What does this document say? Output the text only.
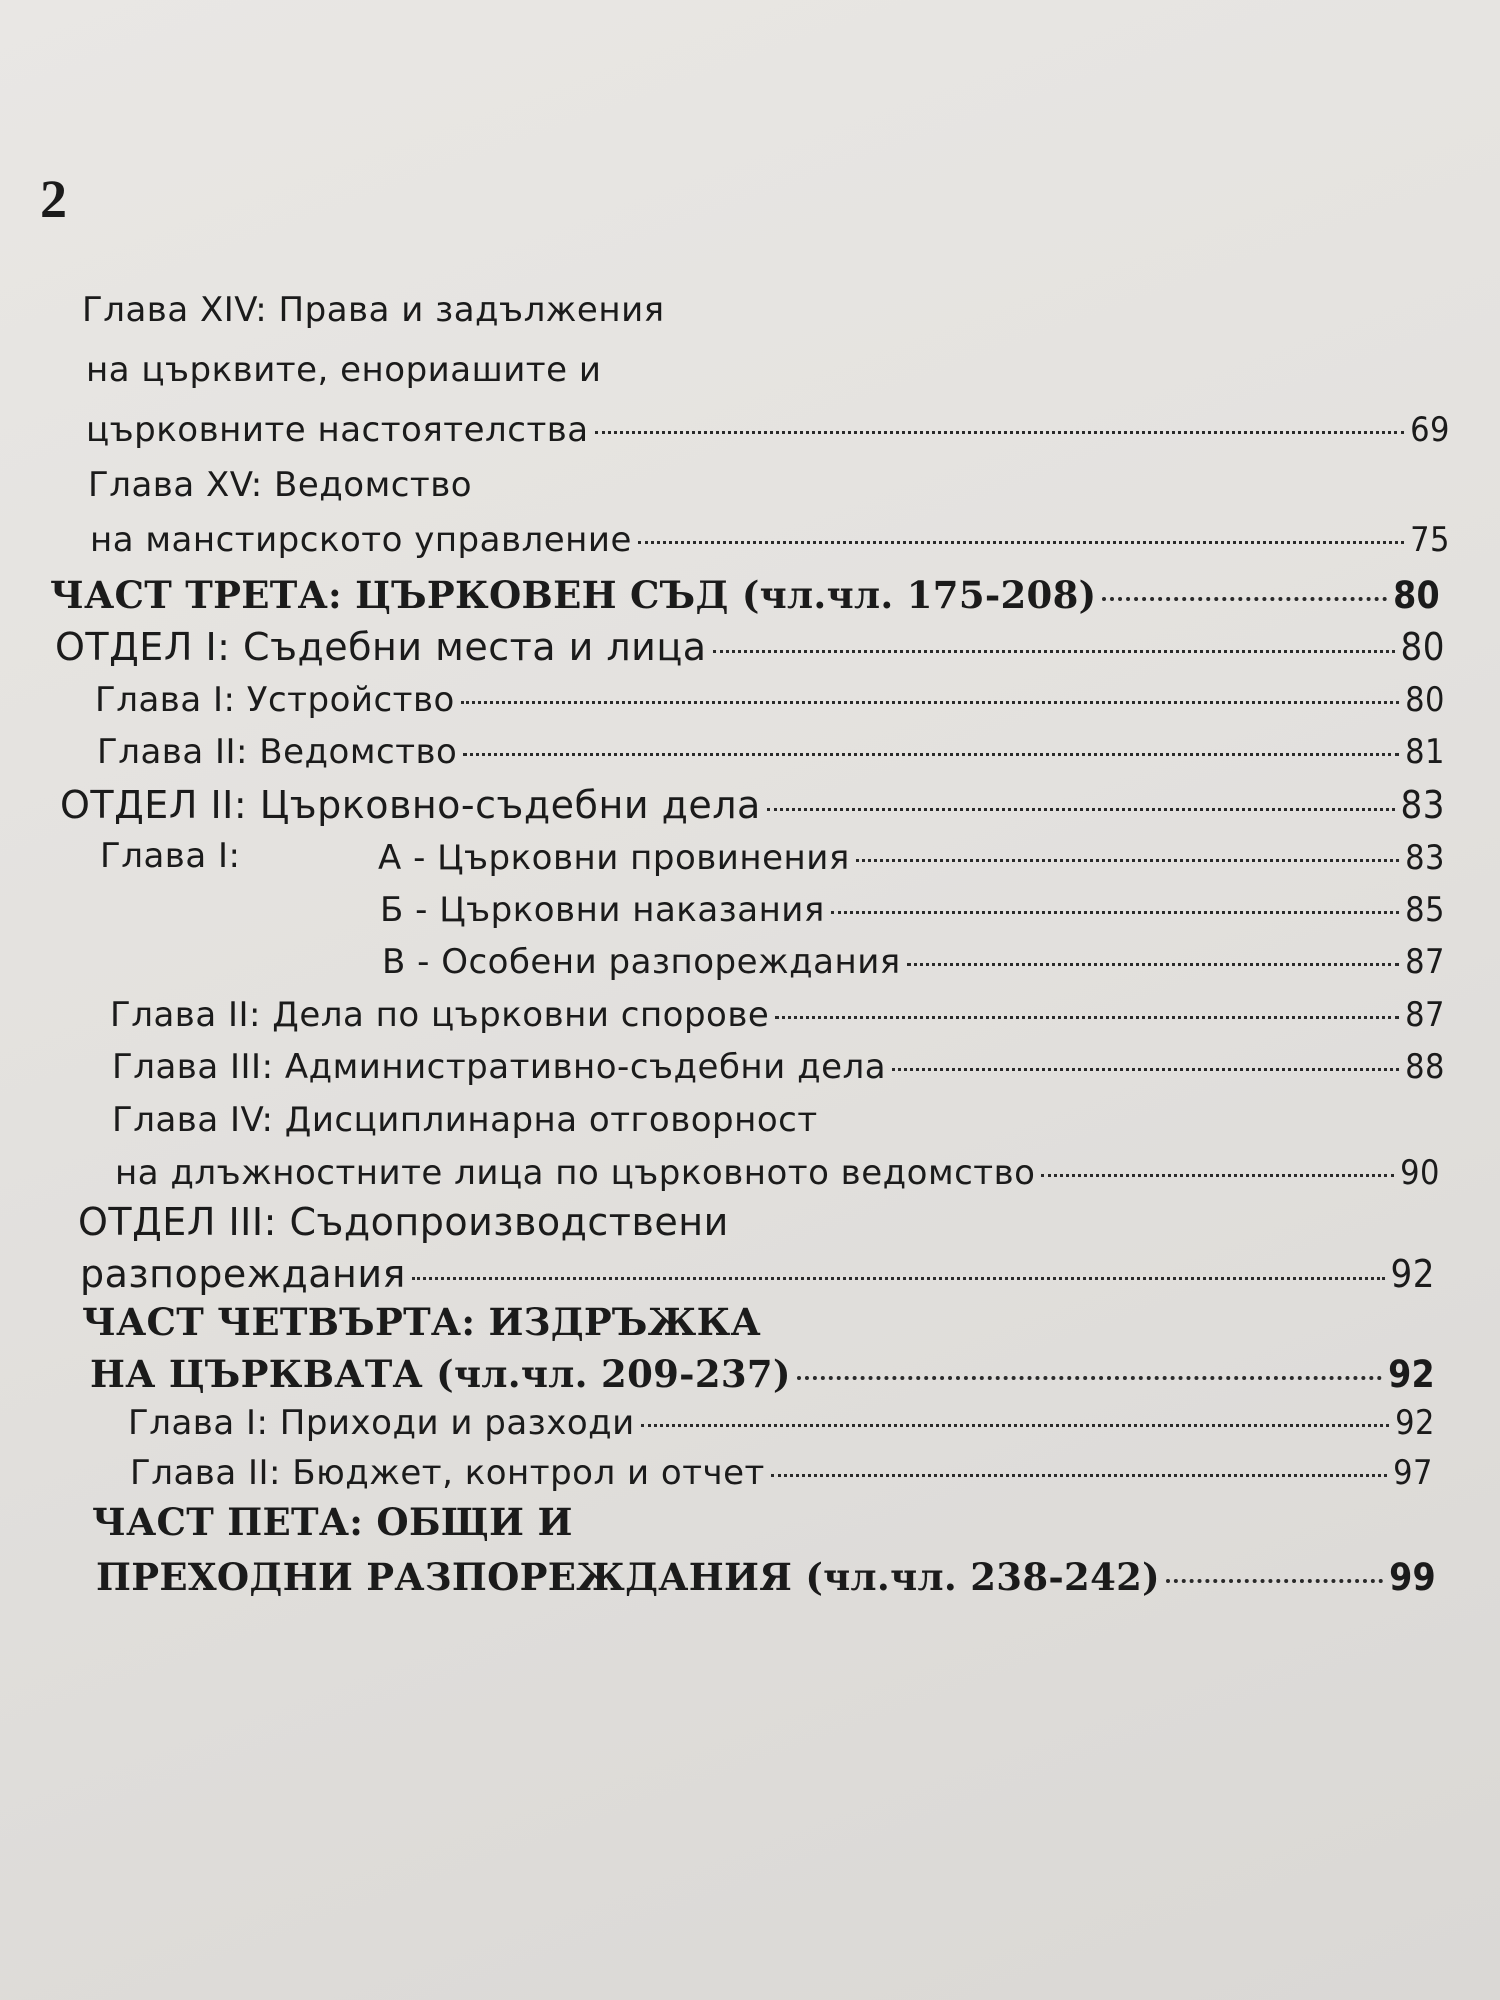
2
Глава XIV: Права и задължения
на църквите, енориашите и
църковните настоятелства	69
Глава XV: Ведомство
на манстирското управление	75
ЧАСТ ТРЕТА: ЦЪРКОВЕН СЪД (чл.чл. 175-208)	80
ОТДЕЛ I: Съдебни места и лица	80
Глава I: Устройство	80
Глава II: Ведомство	81
ОТДЕЛ II: Църковно-съдебни дела	83
Глава I:	А - Църковни провинения	83
Б - Църковни наказания	85
В - Особени разпореждания	87
Глава II: Дела по църковни спорове	87
Глава III: Административно-съдебни дела	88
Глава IV: Дисциплинарна отговорност
на длъжностните лица по църковното ведомство	90
ОТДЕЛ III: Съдопроизводствени
разпореждания	92
ЧАСТ ЧЕТВЪРТА: ИЗДРЪЖКА
НА ЦЪРКВАТА (чл.чл. 209-237)	92
Глава I: Приходи и разходи	92
Глава II: Бюджет, контрол и отчет	97
ЧАСТ ПЕТА: ОБЩИ И
ПРЕХОДНИ РАЗПОРЕЖДАНИЯ (чл.чл. 238-242)	99
